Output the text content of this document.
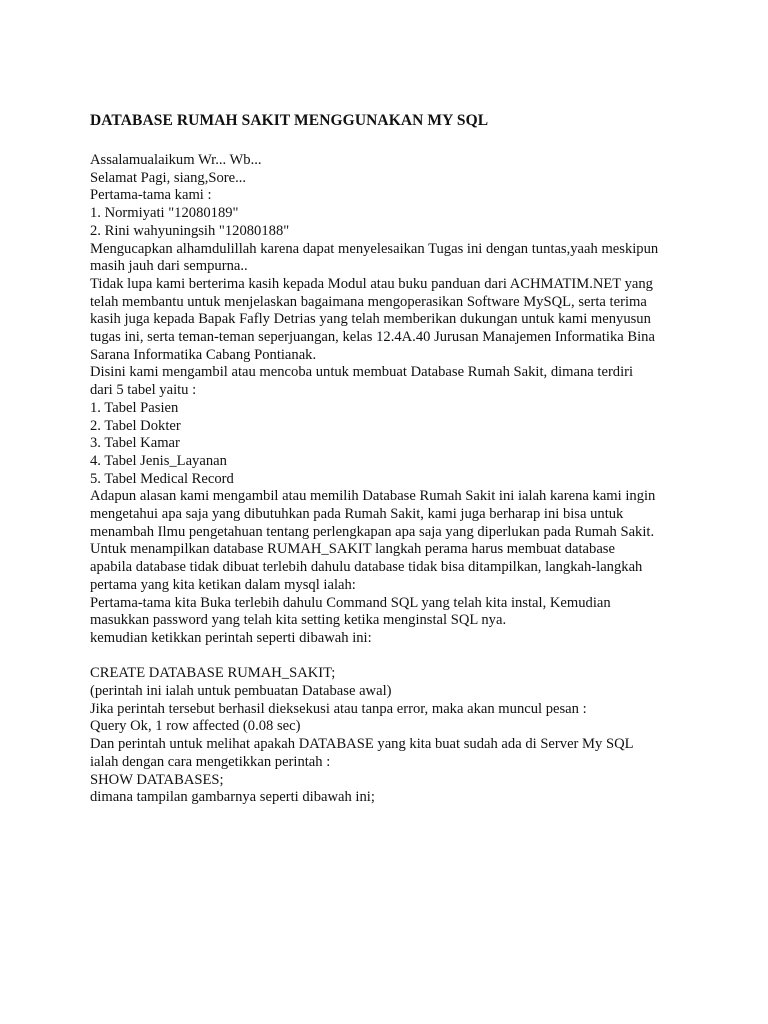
DATABASE RUMAH SAKIT MENGGUNAKAN MY SQL
Assalamualaikum Wr... Wb...
Selamat Pagi, siang,Sore...
Pertama-tama kami :
1. Normiyati "12080189"
2. Rini wahyuningsih "12080188"
Mengucapkan alhamdulillah karena dapat menyelesaikan Tugas ini dengan tuntas,yaah meskipun
masih jauh dari sempurna..
Tidak lupa kami berterima kasih kepada Modul atau buku panduan dari ACHMATIM.NET yang
telah membantu untuk menjelaskan bagaimana mengoperasikan Software MySQL, serta terima
kasih juga kepada Bapak Fafly Detrias yang telah memberikan dukungan untuk kami menyusun
tugas ini, serta teman-teman seperjuangan, kelas 12.4A.40 Jurusan Manajemen Informatika Bina
Sarana Informatika Cabang Pontianak.
Disini kami mengambil atau mencoba untuk membuat Database Rumah Sakit, dimana terdiri
dari 5 tabel yaitu :
1. Tabel Pasien
2. Tabel Dokter
3. Tabel Kamar
4. Tabel Jenis_Layanan
5. Tabel Medical Record
Adapun alasan kami mengambil atau memilih Database Rumah Sakit ini ialah karena kami ingin
mengetahui apa saja yang dibutuhkan pada Rumah Sakit, kami juga berharap ini bisa untuk
menambah Ilmu pengetahuan tentang perlengkapan apa saja yang diperlukan pada Rumah Sakit.
Untuk menampilkan database RUMAH_SAKIT langkah perama harus membuat database
apabila database tidak dibuat terlebih dahulu database tidak bisa ditampilkan, langkah-langkah
pertama yang kita ketikan dalam mysql ialah:
Pertama-tama kita Buka terlebih dahulu Command SQL yang telah kita instal, Kemudian
masukkan password yang telah kita setting ketika menginstal SQL nya.
kemudian ketikkan perintah seperti dibawah ini:
CREATE DATABASE RUMAH_SAKIT;
(perintah ini ialah untuk pembuatan Database awal)
Jika perintah tersebut berhasil dieksekusi atau tanpa error, maka akan muncul pesan :
Query Ok, 1 row affected (0.08 sec)
Dan perintah untuk melihat apakah DATABASE yang kita buat sudah ada di Server My SQL
ialah dengan cara mengetikkan perintah :
SHOW DATABASES;
dimana tampilan gambarnya seperti dibawah ini;
